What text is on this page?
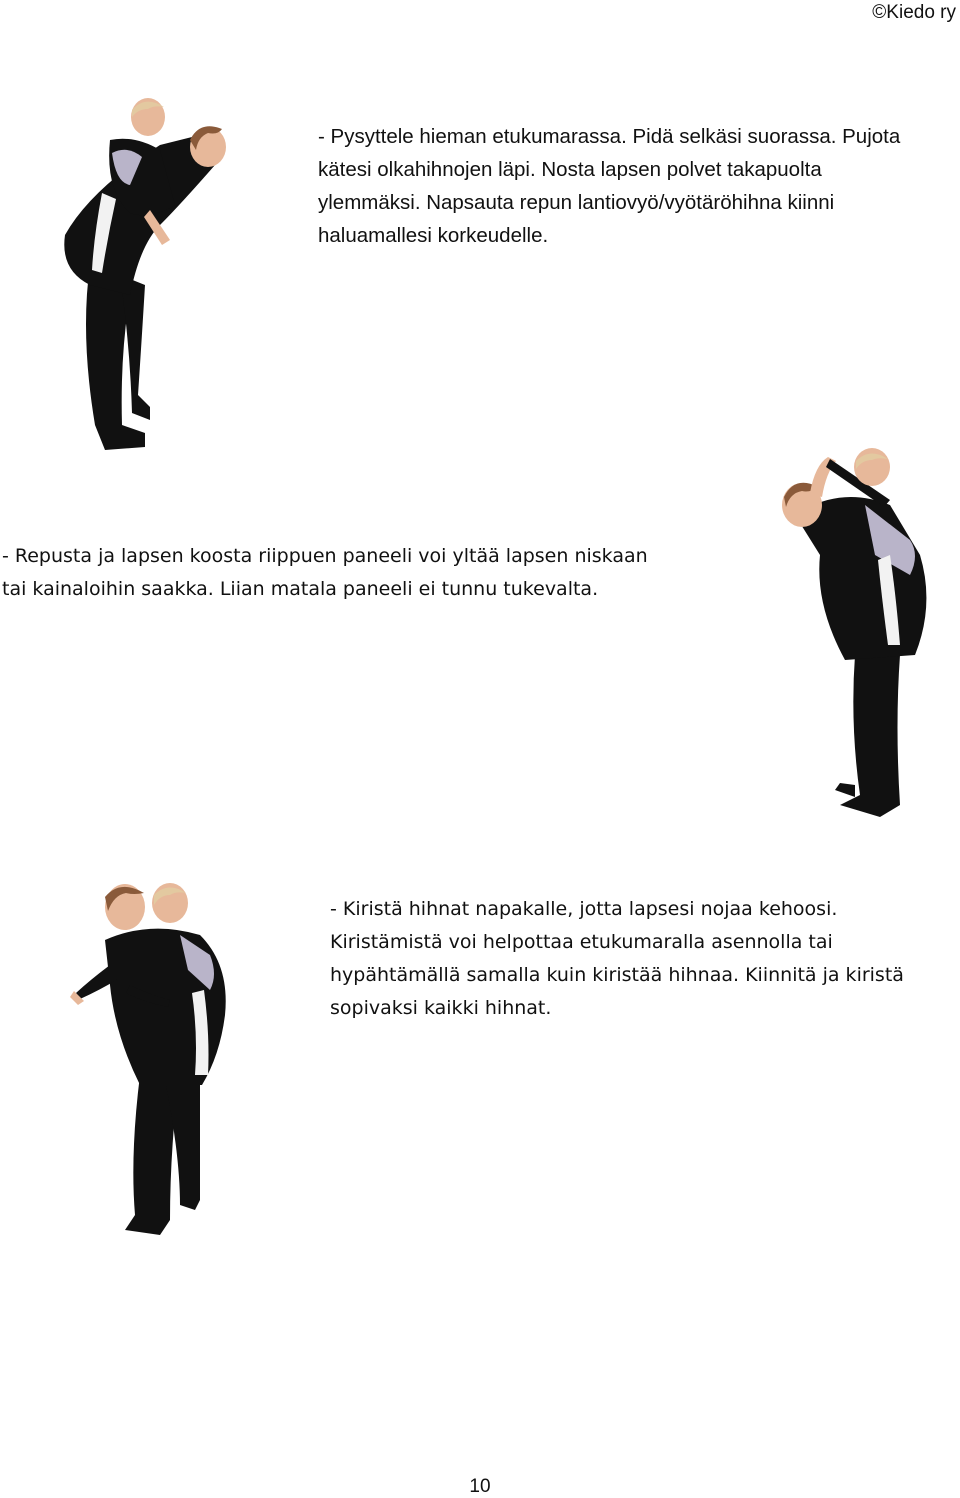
©Kiedo ry

- Pysyttele hieman etukumarassa. Pidä selkäsi suorassa. Pujota
kätesi olkahihnojen läpi. Nosta lapsen polvet takapuolta
ylemmäksi. Napsauta repun lantiovyö/vyötäröhihna kiinni
haluamallesi korkeudelle.

- Repusta ja lapsen koosta riippuen paneeli voi yltää lapsen niskaan
tai kainaloihin saakka. Liian matala paneeli ei tunnu tukevalta.

- Kiristä hihnat napakalle, jotta lapsesi nojaa kehoosi.
Kiristämistä voi helpottaa etukumaralla asennolla tai
hypähtämällä samalla kuin kiristää hihnaa. Kiinnitä ja kiristä
sopivaksi kaikki hihnat.

10
